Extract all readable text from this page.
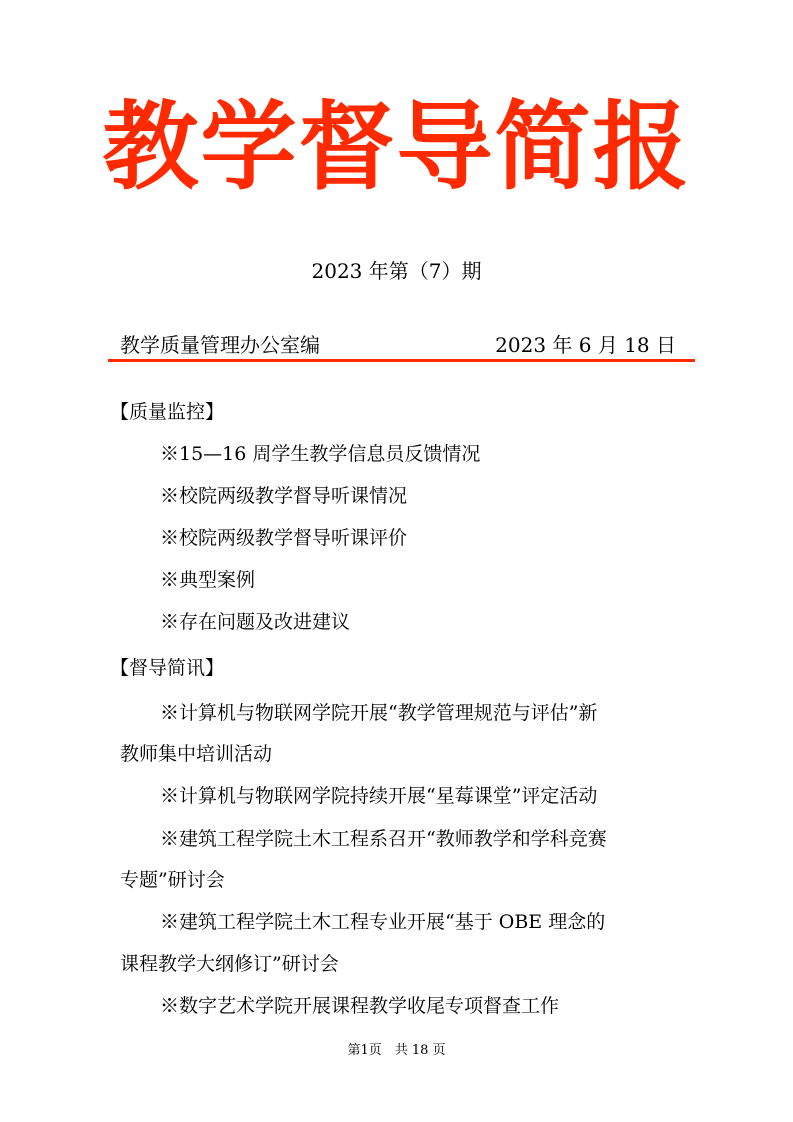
教学督导简报
2023 年第（7）期
教学质量管理办公室编	2023 年 6 月 18 日
【质量监控】
※15—16 周学生教学信息员反馈情况
※校院两级教学督导听课情况
※校院两级教学督导听课评价
※典型案例
※存在问题及改进建议
【督导简讯】
※计算机与物联网学院开展“教学管理规范与评估”新
教师集中培训活动
※计算机与物联网学院持续开展“星莓课堂”评定活动
※建筑工程学院土木工程系召开“教师教学和学科竞赛
专题”研讨会
※建筑工程学院土木工程专业开展“基于 OBE 理念的
课程教学大纲修订”研讨会
※数字艺术学院开展课程教学收尾专项督查工作
第1页　共 18 页
